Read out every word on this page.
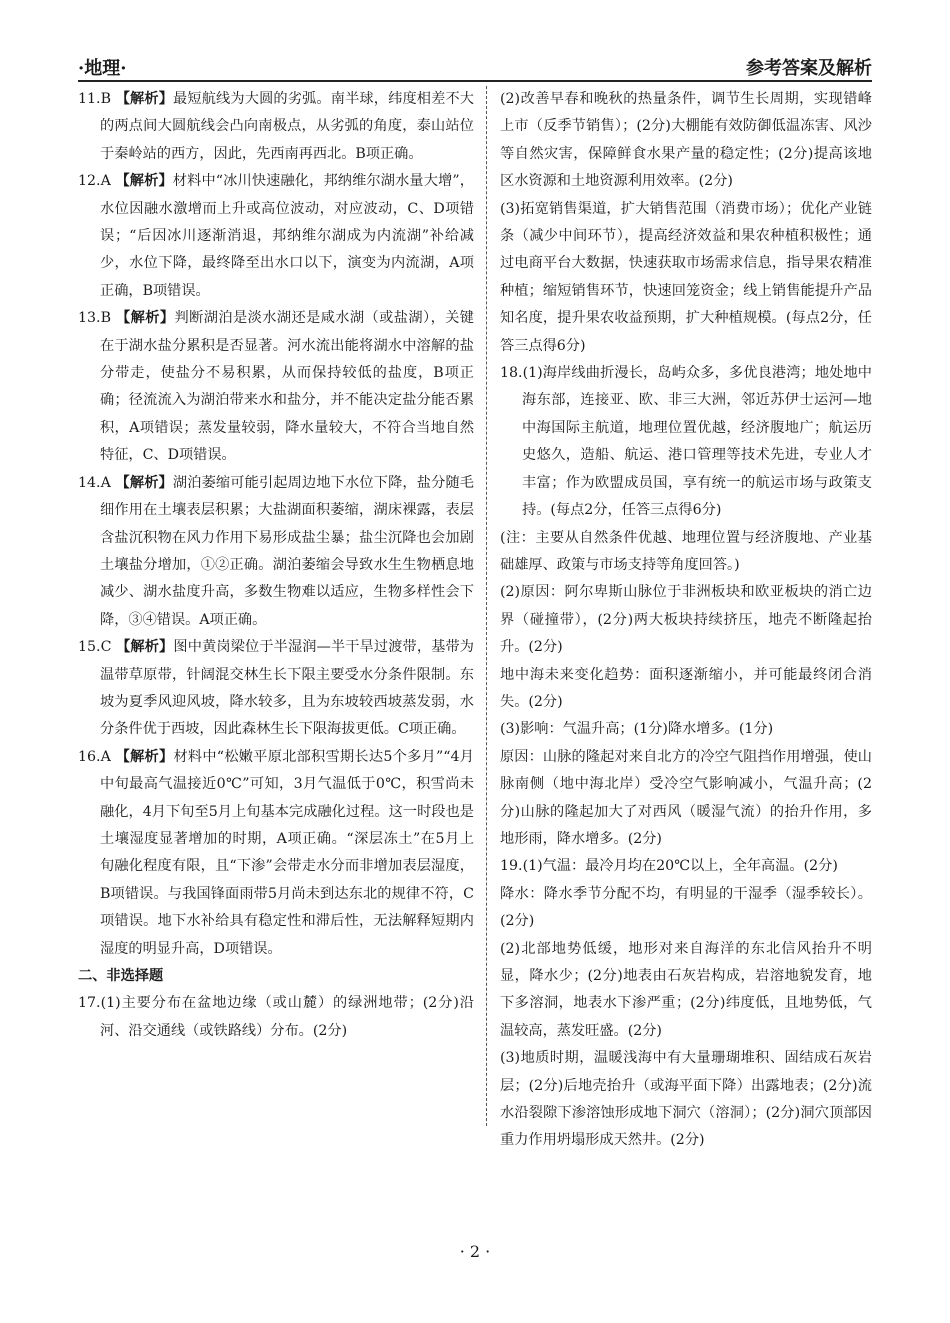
·地理·	参考答案及解析
11.B 【解析】最短航线为大圆的劣弧。南半球，纬度相差不大的两点间大圆航线会凸向南极点，从劣弧的角度，泰山站位于秦岭站的西方，因此，先西南再西北。B项正确。
12.A 【解析】材料中“冰川快速融化，邦纳维尔湖水量大增”，水位因融水激增而上升或高位波动，对应波动，C、D项错误；“后因冰川逐渐消退，邦纳维尔湖成为内流湖”补给减少，水位下降，最终降至出水口以下，演变为内流湖，A项正确，B项错误。
13.B 【解析】判断湖泊是淡水湖还是咸水湖（或盐湖），关键在于湖水盐分累积是否显著。河水流出能将湖水中溶解的盐分带走，使盐分不易积累，从而保持较低的盐度，B项正确；径流流入为湖泊带来水和盐分，并不能决定盐分能否累积，A项错误；蒸发量较弱，降水量较大，不符合当地自然特征，C、D项错误。
14.A 【解析】湖泊萎缩可能引起周边地下水位下降，盐分随毛细作用在土壤表层积累；大盐湖面积萎缩，湖床裸露，表层含盐沉积物在风力作用下易形成盐尘暴；盐尘沉降也会加剧土壤盐分增加，①②正确。湖泊萎缩会导致水生生物栖息地减少、湖水盐度升高，多数生物难以适应，生物多样性会下降，③④错误。A项正确。
15.C 【解析】图中黄岗梁位于半湿润—半干旱过渡带，基带为温带草原带，针阔混交林生长下限主要受水分条件限制。东坡为夏季风迎风坡，降水较多，且为东坡较西坡蒸发弱，水分条件优于西坡，因此森林生长下限海拔更低。C项正确。
16.A 【解析】材料中“松嫩平原北部积雪期长达5个多月”“4月中旬最高气温接近0℃”可知，3月气温低于0℃，积雪尚未融化，4月下旬至5月上旬基本完成融化过程。这一时段也是土壤湿度显著增加的时期，A项正确。“深层冻土”在5月上旬融化程度有限，且“下渗”会带走水分而非增加表层湿度，B项错误。与我国锋面雨带5月尚未到达东北的规律不符，C项错误。地下水补给具有稳定性和滞后性，无法解释短期内湿度的明显升高，D项错误。
二、非选择题
17.(1)主要分布在盆地边缘（或山麓）的绿洲地带；(2分)沿河、沿交通线（或铁路线）分布。(2分)
(2)改善早春和晚秋的热量条件，调节生长周期，实现错峰上市（反季节销售）；(2分)大棚能有效防御低温冻害、风沙等自然灾害，保障鲜食水果产量的稳定性；(2分)提高该地区水资源和土地资源利用效率。(2分)
(3)拓宽销售渠道，扩大销售范围（消费市场）；优化产业链条（减少中间环节），提高经济效益和果农种植积极性；通过电商平台大数据，快速获取市场需求信息，指导果农精准种植；缩短销售环节，快速回笼资金；线上销售能提升产品知名度，提升果农收益预期，扩大种植规模。(每点2分，任答三点得6分)
18.(1)海岸线曲折漫长，岛屿众多，多优良港湾；地处地中海东部，连接亚、欧、非三大洲，邻近苏伊士运河—地中海国际主航道，地理位置优越，经济腹地广；航运历史悠久，造船、航运、港口管理等技术先进，专业人才丰富；作为欧盟成员国，享有统一的航运市场与政策支持。(每点2分，任答三点得6分)
(注：主要从自然条件优越、地理位置与经济腹地、产业基础雄厚、政策与市场支持等角度回答。)
(2)原因：阿尔卑斯山脉位于非洲板块和欧亚板块的消亡边界（碰撞带），(2分)两大板块持续挤压，地壳不断隆起抬升。(2分)
地中海未来变化趋势：面积逐渐缩小，并可能最终闭合消失。(2分)
(3)影响：气温升高；(1分)降水增多。(1分)
原因：山脉的隆起对来自北方的冷空气阻挡作用增强，使山脉南侧（地中海北岸）受冷空气影响减小，气温升高；(2分)山脉的隆起加大了对西风（暖湿气流）的抬升作用，多地形雨，降水增多。(2分)
19.(1)气温：最冷月均在20℃以上，全年高温。(2分)
降水：降水季节分配不均，有明显的干湿季（湿季较长）。(2分)
(2)北部地势低缓，地形对来自海洋的东北信风抬升不明显，降水少；(2分)地表由石灰岩构成，岩溶地貌发育，地下多溶洞，地表水下渗严重；(2分)纬度低，且地势低，气温较高，蒸发旺盛。(2分)
(3)地质时期，温暖浅海中有大量珊瑚堆积、固结成石灰岩层；(2分)后地壳抬升（或海平面下降）出露地表；(2分)流水沿裂隙下渗溶蚀形成地下洞穴（溶洞）；(2分)洞穴顶部因重力作用坍塌形成天然井。(2分)
· 2 ·
